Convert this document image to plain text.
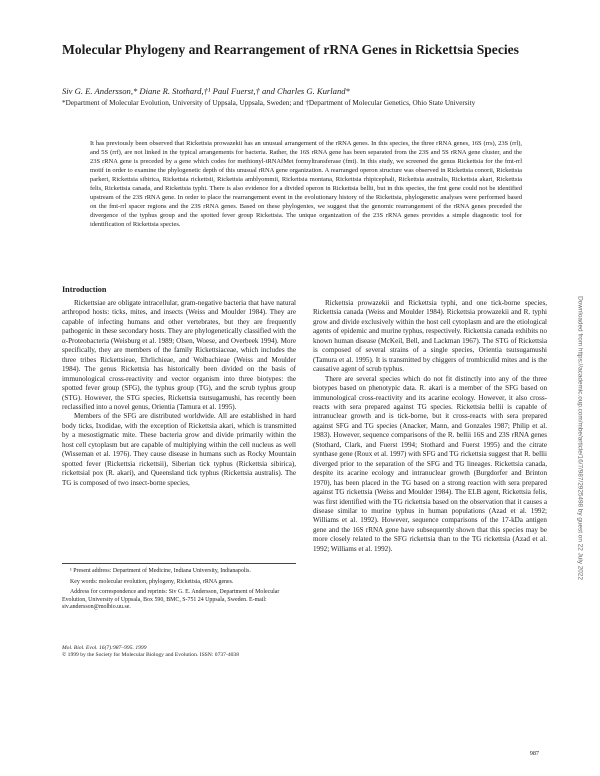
Molecular Phylogeny and Rearrangement of rRNA Genes in Rickettsia Species
Siv G. E. Andersson,* Diane R. Stothard,†¹ Paul Fuerst,† and Charles G. Kurland*
*Department of Molecular Evolution, University of Uppsala, Uppsala, Sweden; and †Department of Molecular Genetics, Ohio State University
It has previously been observed that Rickettsia prowazekii has an unusual arrangement of the rRNA genes. In this species, the three rRNA genes, 16S (rrs), 23S (rrl), and 5S (rrf), are not linked in the typical arrangements for bacteria. Rather, the 16S rRNA gene has been separated from the 23S and 5S rRNA gene cluster, and the 23S rRNA gene is preceded by a gene which codes for methionyl-tRNAfMet formyltransferase (fmt). In this study, we screened the genus Rickettsia for the fmt-rrl motif in order to examine the phylogenetic depth of this unusual rRNA gene organization. A rearranged operon structure was observed in Rickettsia conorii, Rickettsia parkeri, Rickettsia sibirica, Rickettsia rickettsii, Rickettsia amblyommii, Rickettsia montana, Rickettsia rhipicephali, Rickettsia australis, Rickettsia akari, Rickettsia felis, Rickettsia canada, and Rickettsia typhi. There is also evidence for a divided operon in Rickettsia bellii, but in this species, the fmt gene could not be identified upstream of the 23S rRNA gene. In order to place the rearrangement event in the evolutionary history of the Rickettsia, phylogenetic analyses were performed based on the fmt-rrl spacer regions and the 23S rRNA genes. Based on these phylogenies, we suggest that the genomic rearrangement of the rRNA genes preceded the divergence of the typhus group and the spotted fever group Rickettsia. The unique organization of the 23S rRNA genes provides a simple diagnostic tool for identification of Rickettsia species.
Introduction

Rickettsiae are obligate intracellular, gram-negative bacteria that have natural arthropod hosts: ticks, mites, and insects (Weiss and Moulder 1984). They are capable of infecting humans and other vertebrates, but they are frequently pathogenic in these secondary hosts. They are phylogenetically classified with the α-Proteobacteria (Weisburg et al. 1989; Olsen, Woese, and Overbeek 1994). More specifically, they are members of the family Rickettsiaceae, which includes the three tribes Rickettsieae, Ehrlichieae, and Wolbachieae (Weiss and Moulder 1984). The genus Rickettsia has historically been divided on the basis of immunological cross-reactivity and vector organism into three biotypes: the spotted fever group (SFG), the typhus group (TG), and the scrub typhus group (STG). However, the STG species, Rickettsia tsutsugamushi, has recently been reclassified into a novel genus, Orientia (Tamura et al. 1995).

Members of the SFG are distributed worldwide. All are established in hard body ticks, Ixodidae, with the exception of Rickettsia akari, which is transmitted by a mesostigmatic mite. These bacteria grow and divide primarily within the host cell cytoplasm but are capable of multiplying within the cell nucleus as well (Wisseman et al. 1976). They cause disease in humans such as Rocky Mountain spotted fever (Rickettsia rickettsii), Siberian tick typhus (Rickettsia sibirica), rickettsial pox (R. akari), and Queensland tick typhus (Rickettsia australis). The TG is composed of two insect-borne species,

Rickettsia prowazekii and Rickettsia typhi, and one tick-borne species, Rickettsia canada (Weiss and Moulder 1984). Rickettsia prowazekii and R. typhi grow and divide exclusively within the host cell cytoplasm and are the etiological agents of epidemic and murine typhus, respectively. Rickettsia canada exhibits no known human disease (McKeil, Bell, and Lackman 1967). The STG of Rickettsia is composed of several strains of a single species, Orientia tsutsugamushi (Tamura et al. 1995). It is transmitted by chiggers of trombiculid mites and is the causative agent of scrub typhus.

There are several species which do not fit distinctly into any of the three biotypes based on phenotypic data. R. akari is a member of the SFG based on immunological cross-reactivity and its acarine ecology. However, it also cross-reacts with sera prepared against TG species. Rickettsia bellii is capable of intranuclear growth and is tick-borne, but it cross-reacts with sera prepared against SFG and TG species (Anacker, Mann, and Gonzales 1987; Philip et al. 1983). However, sequence comparisons of the R. bellii 16S and 23S rRNA genes (Stothard, Clark, and Fuerst 1994; Stothard and Fuerst 1995) and the citrate synthase gene (Roux et al. 1997) with SFG and TG rickettsia suggest that R. bellii diverged prior to the separation of the SFG and TG lineages. Rickettsia canada, despite its acarine ecology and intranuclear growth (Burgdorfer and Brinton 1970), has been placed in the TG based on a strong reaction with sera prepared against TG rickettsia (Weiss and Moulder 1984). The ELB agent, Rickettsia felis, was first identified with the TG rickettsia based on the observation that it causes a disease similar to murine typhus in human populations (Azad et al. 1992; Williams et al. 1992). However, sequence comparisons of the 17-kDa antigen gene and the 16S rRNA gene have subsequently shown that this species may be more closely related to the SFG rickettsia than to the TG rickettsia (Azad et al. 1992; Williams et al. 1992).

¹ Present address: Department of Medicine, Indiana University, Indianapolis.

Key words: molecular evolution, phylogeny, Rickettsia, rRNA genes.

Address for correspondence and reprints: Siv G. E. Andersson, Department of Molecular Evolution, University of Uppsala, Box 590, BMC, S-751 24 Uppsala, Sweden. E-mail: siv.andersson@molbio.uu.se.

Mol. Biol. Evol. 16(7):987–995. 1999
© 1999 by the Society for Molecular Biology and Evolution. ISSN: 0737-4038
Downloaded from https://academic.oup.com/mbe/article/16/7/987/2925498 by guest on 22 July 2022
987
